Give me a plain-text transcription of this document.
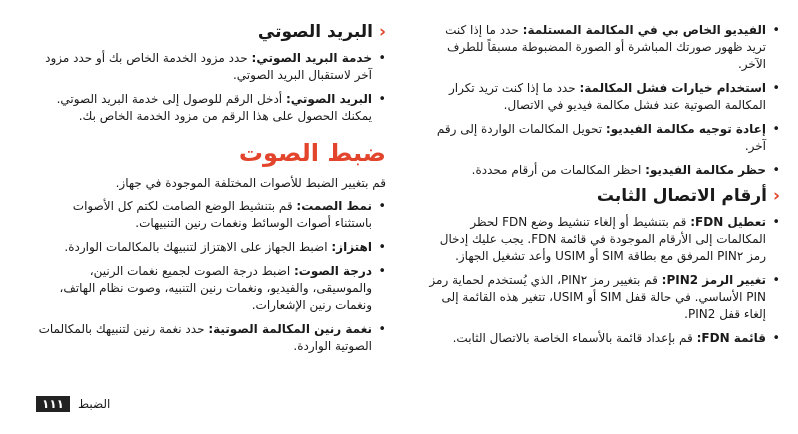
• الفيديو الخاص بي في المكالمة المستلمة: حدد ما إذا كنت تريد ظهور صورتك المباشرة أو الصورة المضبوطة مسبقاً للطرف الآخر.
• استخدام خيارات فشل المكالمة: حدد ما إذا كنت تريد تكرار المكالمة الصوتية عند فشل مكالمة فيديو في الاتصال.
• إعادة توجيه مكالمة الفيديو: تحويل المكالمات الواردة إلى رقم آخر.
• حظر مكالمة الفيديو: احظر المكالمات من أرقام محددة.
‹
أرقام الاتصال الثابت
• تعطيل FDN: قم بتنشيط أو إلغاء تنشيط وضع FDN لحظر المكالمات إلى الأرقام الموجودة في قائمة FDN. يجب عليك إدخال رمز PIN٢ المرفق مع بطاقة SIM أو USIM وأعد تشغيل الجهاز.
• تغيير الرمز PIN2: قم بتغيير رمز PIN٢، الذي يُستخدم لحماية رمز PIN الأساسي. في حالة قفل SIM أو USIM، تتغير هذه القائمة إلى إلغاء قفل PIN2.
• قائمة FDN: قم بإعداد قائمة بالأسماء الخاصة بالاتصال الثابت.
‹
البريد الصوتي
• خدمة البريد الصوتي: حدد مزود الخدمة الخاص بك أو حدد مزود آخر لاستقبال البريد الصوتي.
• البريد الصوتي: أدخل الرقم للوصول إلى خدمة البريد الصوتي. يمكنك الحصول على هذا الرقم من مزود الخدمة الخاص بك.
ضبط الصوت

قم بتغيير الضبط للأصوات المختلفة الموجودة في جهاز.

• نمط الصمت: قم بتنشيط الوضع الصامت لكتم كل الأصوات باستثناء أصوات الوسائط ونغمات رنين التنبيهات.
• اهتزاز: اضبط الجهاز على الاهتزاز لتنبيهك بالمكالمات الواردة.
• درجة الصوت: اضبط درجة الصوت لجميع نغمات الرنين، والموسيقى، والفيديو، ونغمات رنين التنبيه، وصوت نظام الهاتف، ونغمات رنين الإشعارات.
• نغمة رنين المكالمة الصوتية: حدد نغمة رنين لتنبيهك بالمكالمات الصوتية الواردة.
١١١	الضبط
